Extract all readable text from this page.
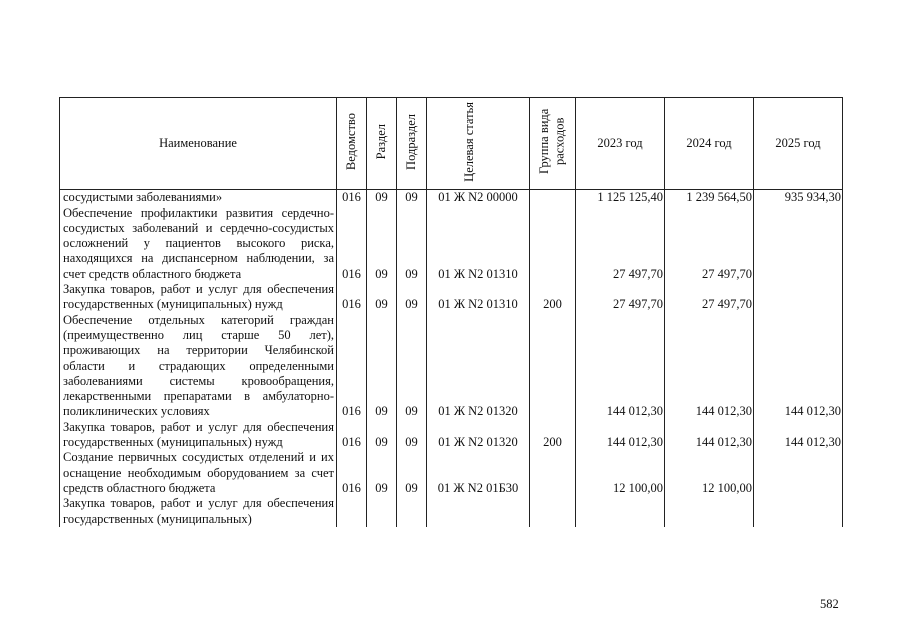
Наименование	Ведомство	Раздел	Подраздел	Целевая статья	Группа вида расходов	2023 год	2024 год	2025 год
сосудистыми заболеваниями»	016	09	09	01 Ж N2 00000		1 125 125,40	1 239 564,50	935 934,30
Обеспечение профилактики развития сердечно-сосудистых заболеваний и сердечно-сосудистых осложнений у пациентов высокого риска, находящихся на диспансерном наблюдении, за счет средств областного бюджета	016	09	09	01 Ж N2 01310		27 497,70	27 497,70	
Закупка товаров, работ и услуг для обеспечения государственных (муниципальных) нужд	016	09	09	01 Ж N2 01310	200	27 497,70	27 497,70	
Обеспечение отдельных категорий граждан (преимущественно лиц старше 50 лет), проживающих на территории Челябинской области и страдающих определенными заболеваниями системы кровообращения, лекарственными препаратами в амбулаторно-поликлинических условиях	016	09	09	01 Ж N2 01320		144 012,30	144 012,30	144 012,30
Закупка товаров, работ и услуг для обеспечения государственных (муниципальных) нужд	016	09	09	01 Ж N2 01320	200	144 012,30	144 012,30	144 012,30
Создание первичных сосудистых отделений и их оснащение необходимым оборудованием за счет средств областного бюджета	016	09	09	01 Ж N2 01Б30		12 100,00	12 100,00	
Закупка товаров, работ и услуг для обеспечения государственных (муниципальных)								
582
